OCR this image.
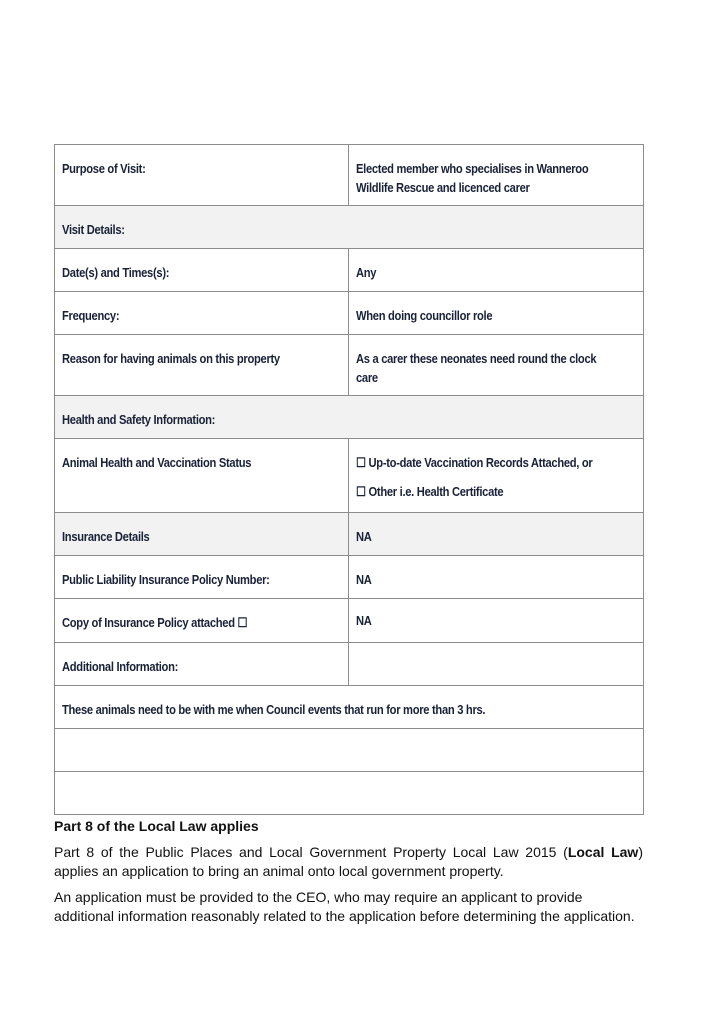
Purpose of Visit:	Elected member who specialises in Wanneroo
Wildlife Rescue and licenced carer

Visit Details:	

Date(s) and Times(s):	Any

Frequency:	When doing councillor role

Reason for having animals on this property	As a carer these neonates need round the clock
care

Health and Safety Information:	

Animal Health and Vaccination Status	☐ Up-to-date Vaccination Records Attached, or
☐ Other i.e. Health Certificate

Insurance Details	NA

Public Liability Insurance Policy Number:	NA

Copy of Insurance Policy attached ☐	NA

Additional Information:	

These animals need to be with me when Council events that run for more than 3 hrs.	

Part 8 of the Local Law applies
Part 8 of the Public Places and Local Government Property Local Law 2015 (Local Law) applies an application to bring an animal onto local government property.
An application must be provided to the CEO, who may require an applicant to provide additional information reasonably related to the application before determining the application.
